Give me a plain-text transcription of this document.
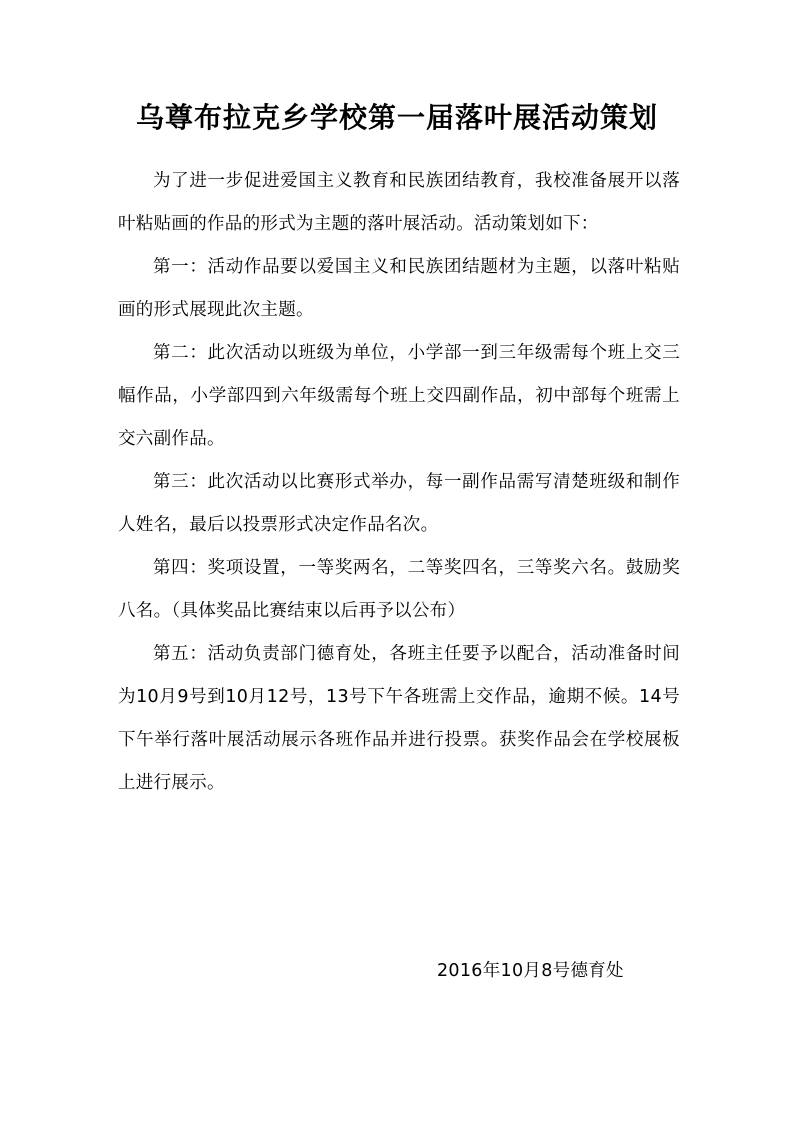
乌尊布拉克乡学校第一届落叶展活动策划

为了进一步促进爱国主义教育和民族团结教育，我校准备展开以落叶粘贴画的作品的形式为主题的落叶展活动。活动策划如下：

第一：活动作品要以爱国主义和民族团结题材为主题，以落叶粘贴画的形式展现此次主题。

第二：此次活动以班级为单位，小学部一到三年级需每个班上交三幅作品，小学部四到六年级需每个班上交四副作品，初中部每个班需上交六副作品。

第三：此次活动以比赛形式举办，每一副作品需写清楚班级和制作人姓名，最后以投票形式决定作品名次。

第四：奖项设置，一等奖两名，二等奖四名，三等奖六名。鼓励奖八名。（具体奖品比赛结束以后再予以公布）

第五：活动负责部门德育处，各班主任要予以配合，活动准备时间为10月9号到10月12号，13号下午各班需上交作品，逾期不候。14号下午举行落叶展活动展示各班作品并进行投票。获奖作品会在学校展板上进行展示。

2016年10月8号德育处
